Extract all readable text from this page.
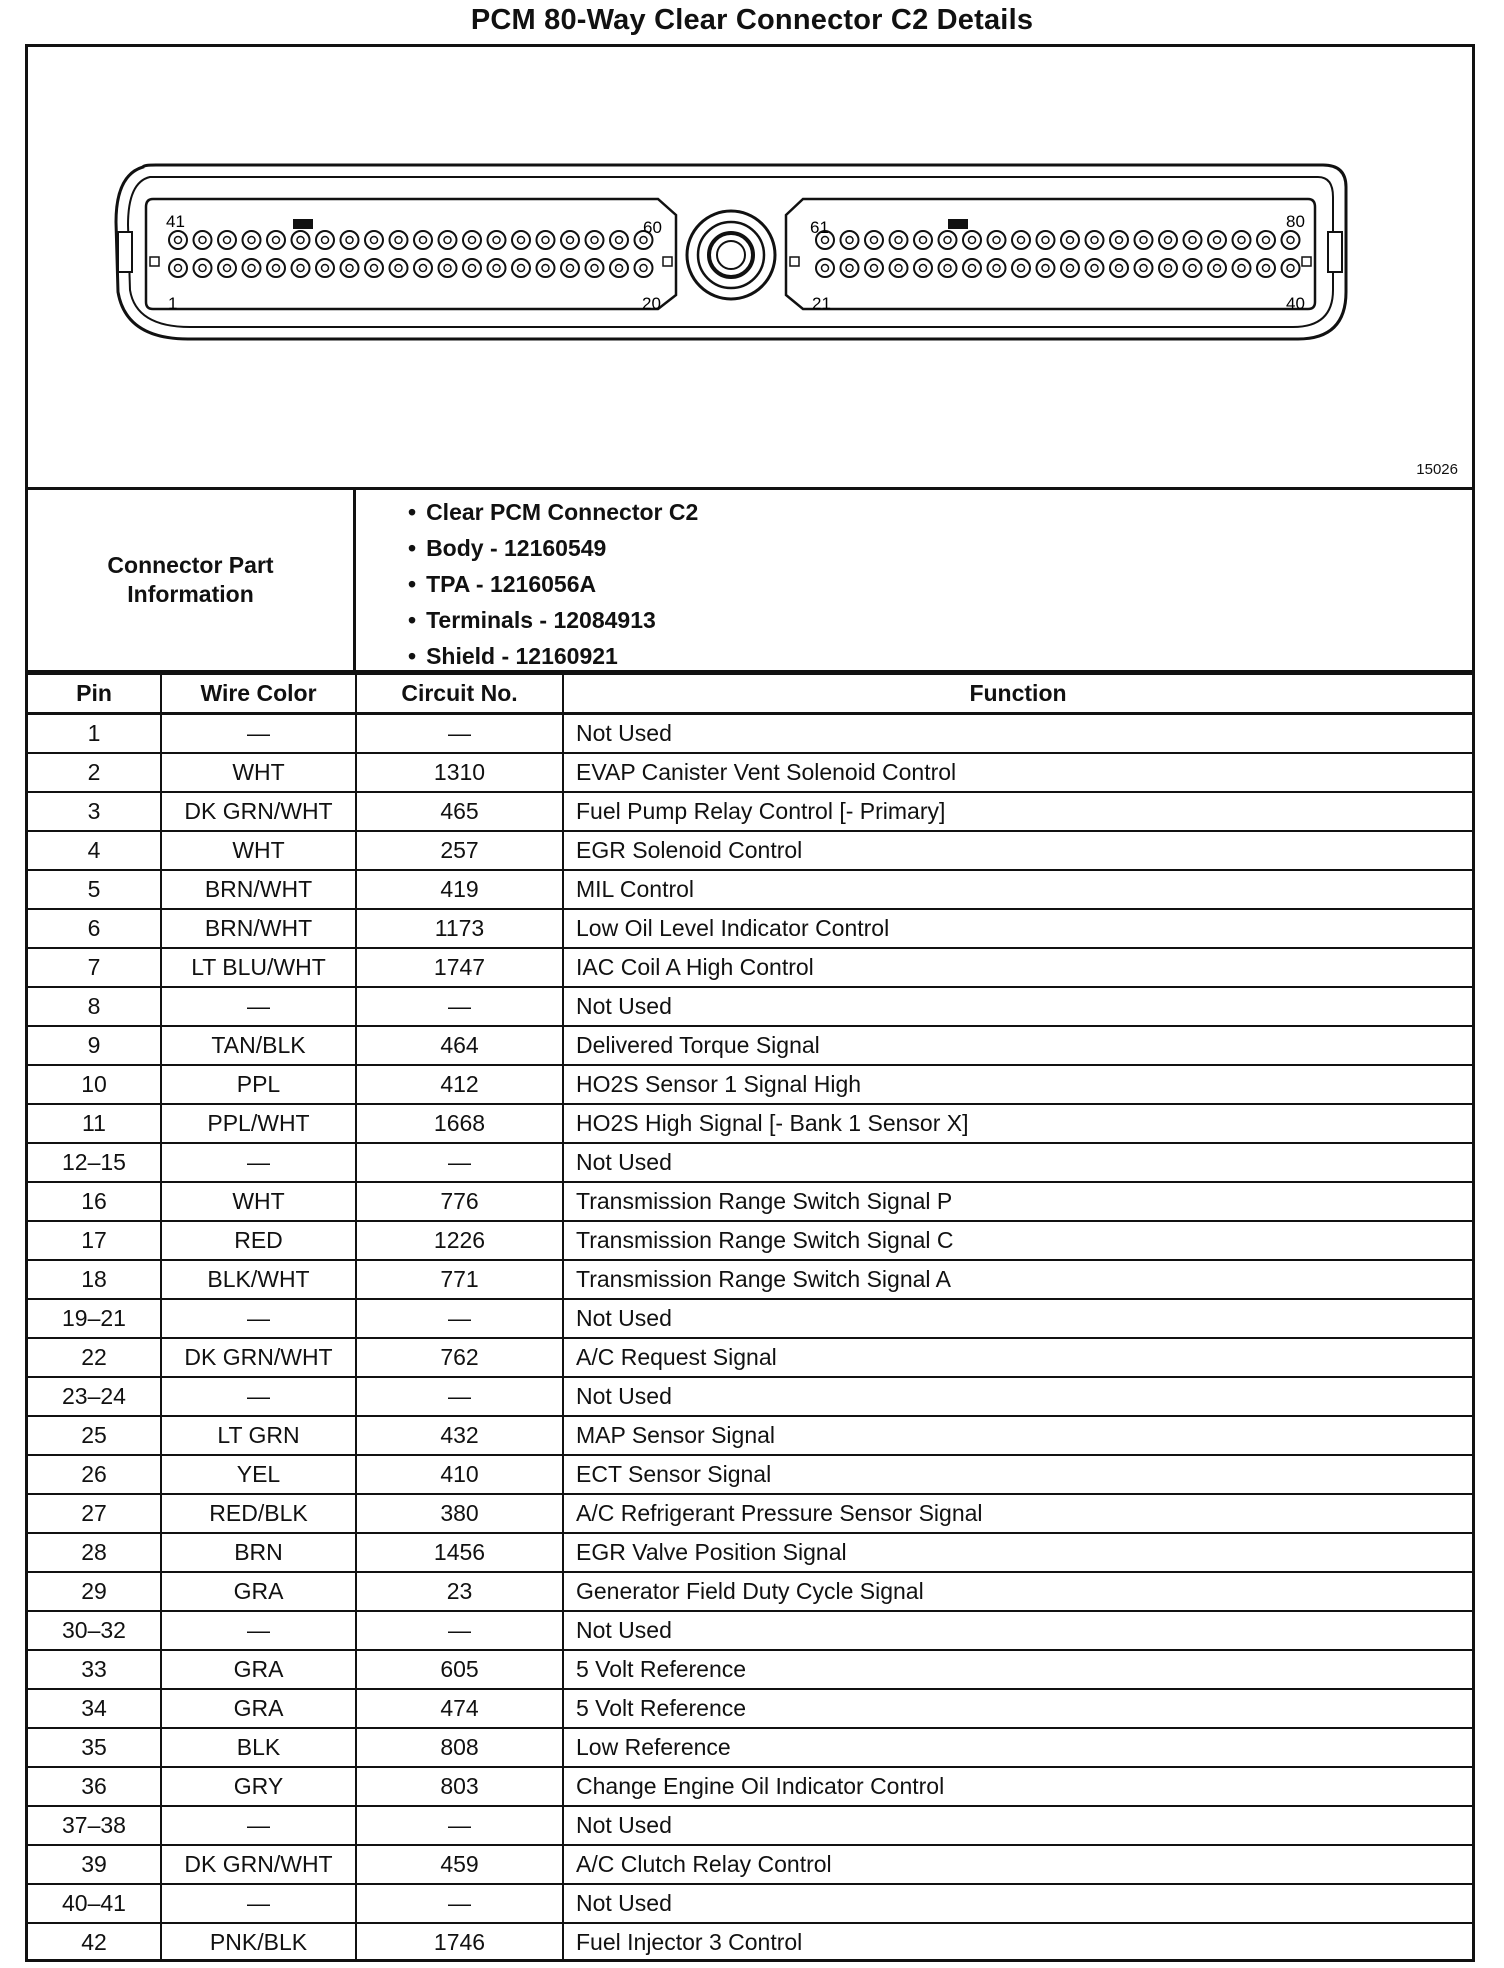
PCM 80-Way Clear Connector C2 Details
41	60
1	20
61	80
21	40
15026
Connector Part Information
• Clear PCM Connector C2
• Body - 12160549
• TPA - 1216056A
• Terminals - 12084913
• Shield - 12160921
Pin	Wire Color	Circuit No.	Function
1	—	—	Not Used
2	WHT	1310	EVAP Canister Vent Solenoid Control
3	DK GRN/WHT	465	Fuel Pump Relay Control [- Primary]
4	WHT	257	EGR Solenoid Control
5	BRN/WHT	419	MIL Control
6	BRN/WHT	1173	Low Oil Level Indicator Control
7	LT BLU/WHT	1747	IAC Coil A High Control
8	—	—	Not Used
9	TAN/BLK	464	Delivered Torque Signal
10	PPL	412	HO2S Sensor 1 Signal High
11	PPL/WHT	1668	HO2S High Signal [- Bank 1 Sensor X]
12–15	—	—	Not Used
16	WHT	776	Transmission Range Switch Signal P
17	RED	1226	Transmission Range Switch Signal C
18	BLK/WHT	771	Transmission Range Switch Signal A
19–21	—	—	Not Used
22	DK GRN/WHT	762	A/C Request Signal
23–24	—	—	Not Used
25	LT GRN	432	MAP Sensor Signal
26	YEL	410	ECT Sensor Signal
27	RED/BLK	380	A/C Refrigerant Pressure Sensor Signal
28	BRN	1456	EGR Valve Position Signal
29	GRA	23	Generator Field Duty Cycle Signal
30–32	—	—	Not Used
33	GRA	605	5 Volt Reference
34	GRA	474	5 Volt Reference
35	BLK	808	Low Reference
36	GRY	803	Change Engine Oil Indicator Control
37–38	—	—	Not Used
39	DK GRN/WHT	459	A/C Clutch Relay Control
40–41	—	—	Not Used
42	PNK/BLK	1746	Fuel Injector 3 Control
